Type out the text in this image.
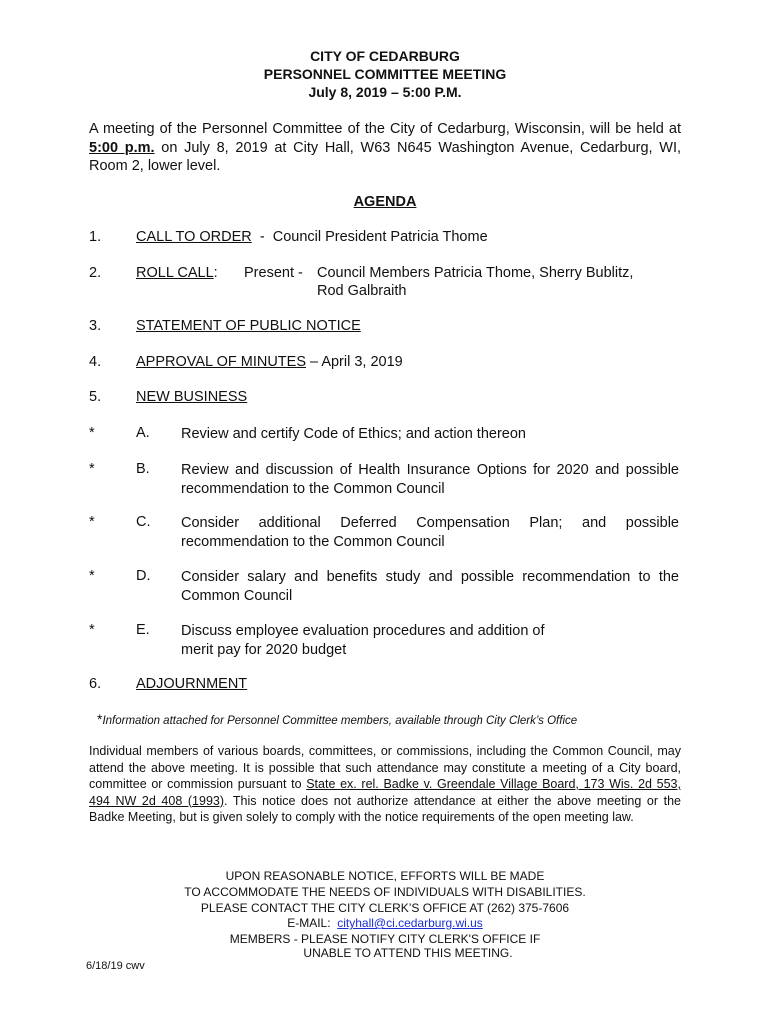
CITY OF CEDARBURG
PERSONNEL COMMITTEE MEETING
July 8, 2019 – 5:00 P.M.
A meeting of the Personnel Committee of the City of Cedarburg, Wisconsin, will be held at
5:00 p.m. on July 8, 2019 at City Hall, W63 N645 Washington Avenue, Cedarburg, WI,
Room 2, lower level.
AGENDA
1. CALL TO ORDER  -  Council President Patricia Thome
2. ROLL CALL: Present - Council Members Patricia Thome, Sherry Bublitz,
Rod Galbraith
3. STATEMENT OF PUBLIC NOTICE
4. APPROVAL OF MINUTES – April 3, 2019
5. NEW BUSINESS
*	A. Review and certify Code of Ethics; and action thereon
*	B. Review and discussion of Health Insurance Options for 2020 and possible
recommendation to the Common Council
*	C. Consider additional Deferred Compensation Plan; and possible
recommendation to the Common Council
*	D. Consider salary and benefits study and possible recommendation to the
Common Council
*	E. Discuss employee evaluation procedures and addition of
merit pay for 2020 budget
6. ADJOURNMENT
*Information attached for Personnel Committee members, available through City Clerk’s Office
Individual members of various boards, committees, or commissions, including the Common Council, may attend the above meeting. It is possible that such attendance may constitute a meeting of a City board, committee or commission pursuant to State ex. rel. Badke v. Greendale Village Board, 173 Wis. 2d 553, 494 NW 2d 408 (1993). This notice does not authorize attendance at either the above meeting or the Badke Meeting, but is given solely to comply with the notice requirements of the open meeting law.
UPON REASONABLE NOTICE, EFFORTS WILL BE MADE
TO ACCOMMODATE THE NEEDS OF INDIVIDUALS WITH DISABILITIES.
PLEASE CONTACT THE CITY CLERK’S OFFICE AT (262) 375-7606
E-MAIL:  cityhall@ci.cedarburg.wi.us
MEMBERS - PLEASE NOTIFY CITY CLERK'S OFFICE IF
UNABLE TO ATTEND THIS MEETING.
6/18/19 cwv
